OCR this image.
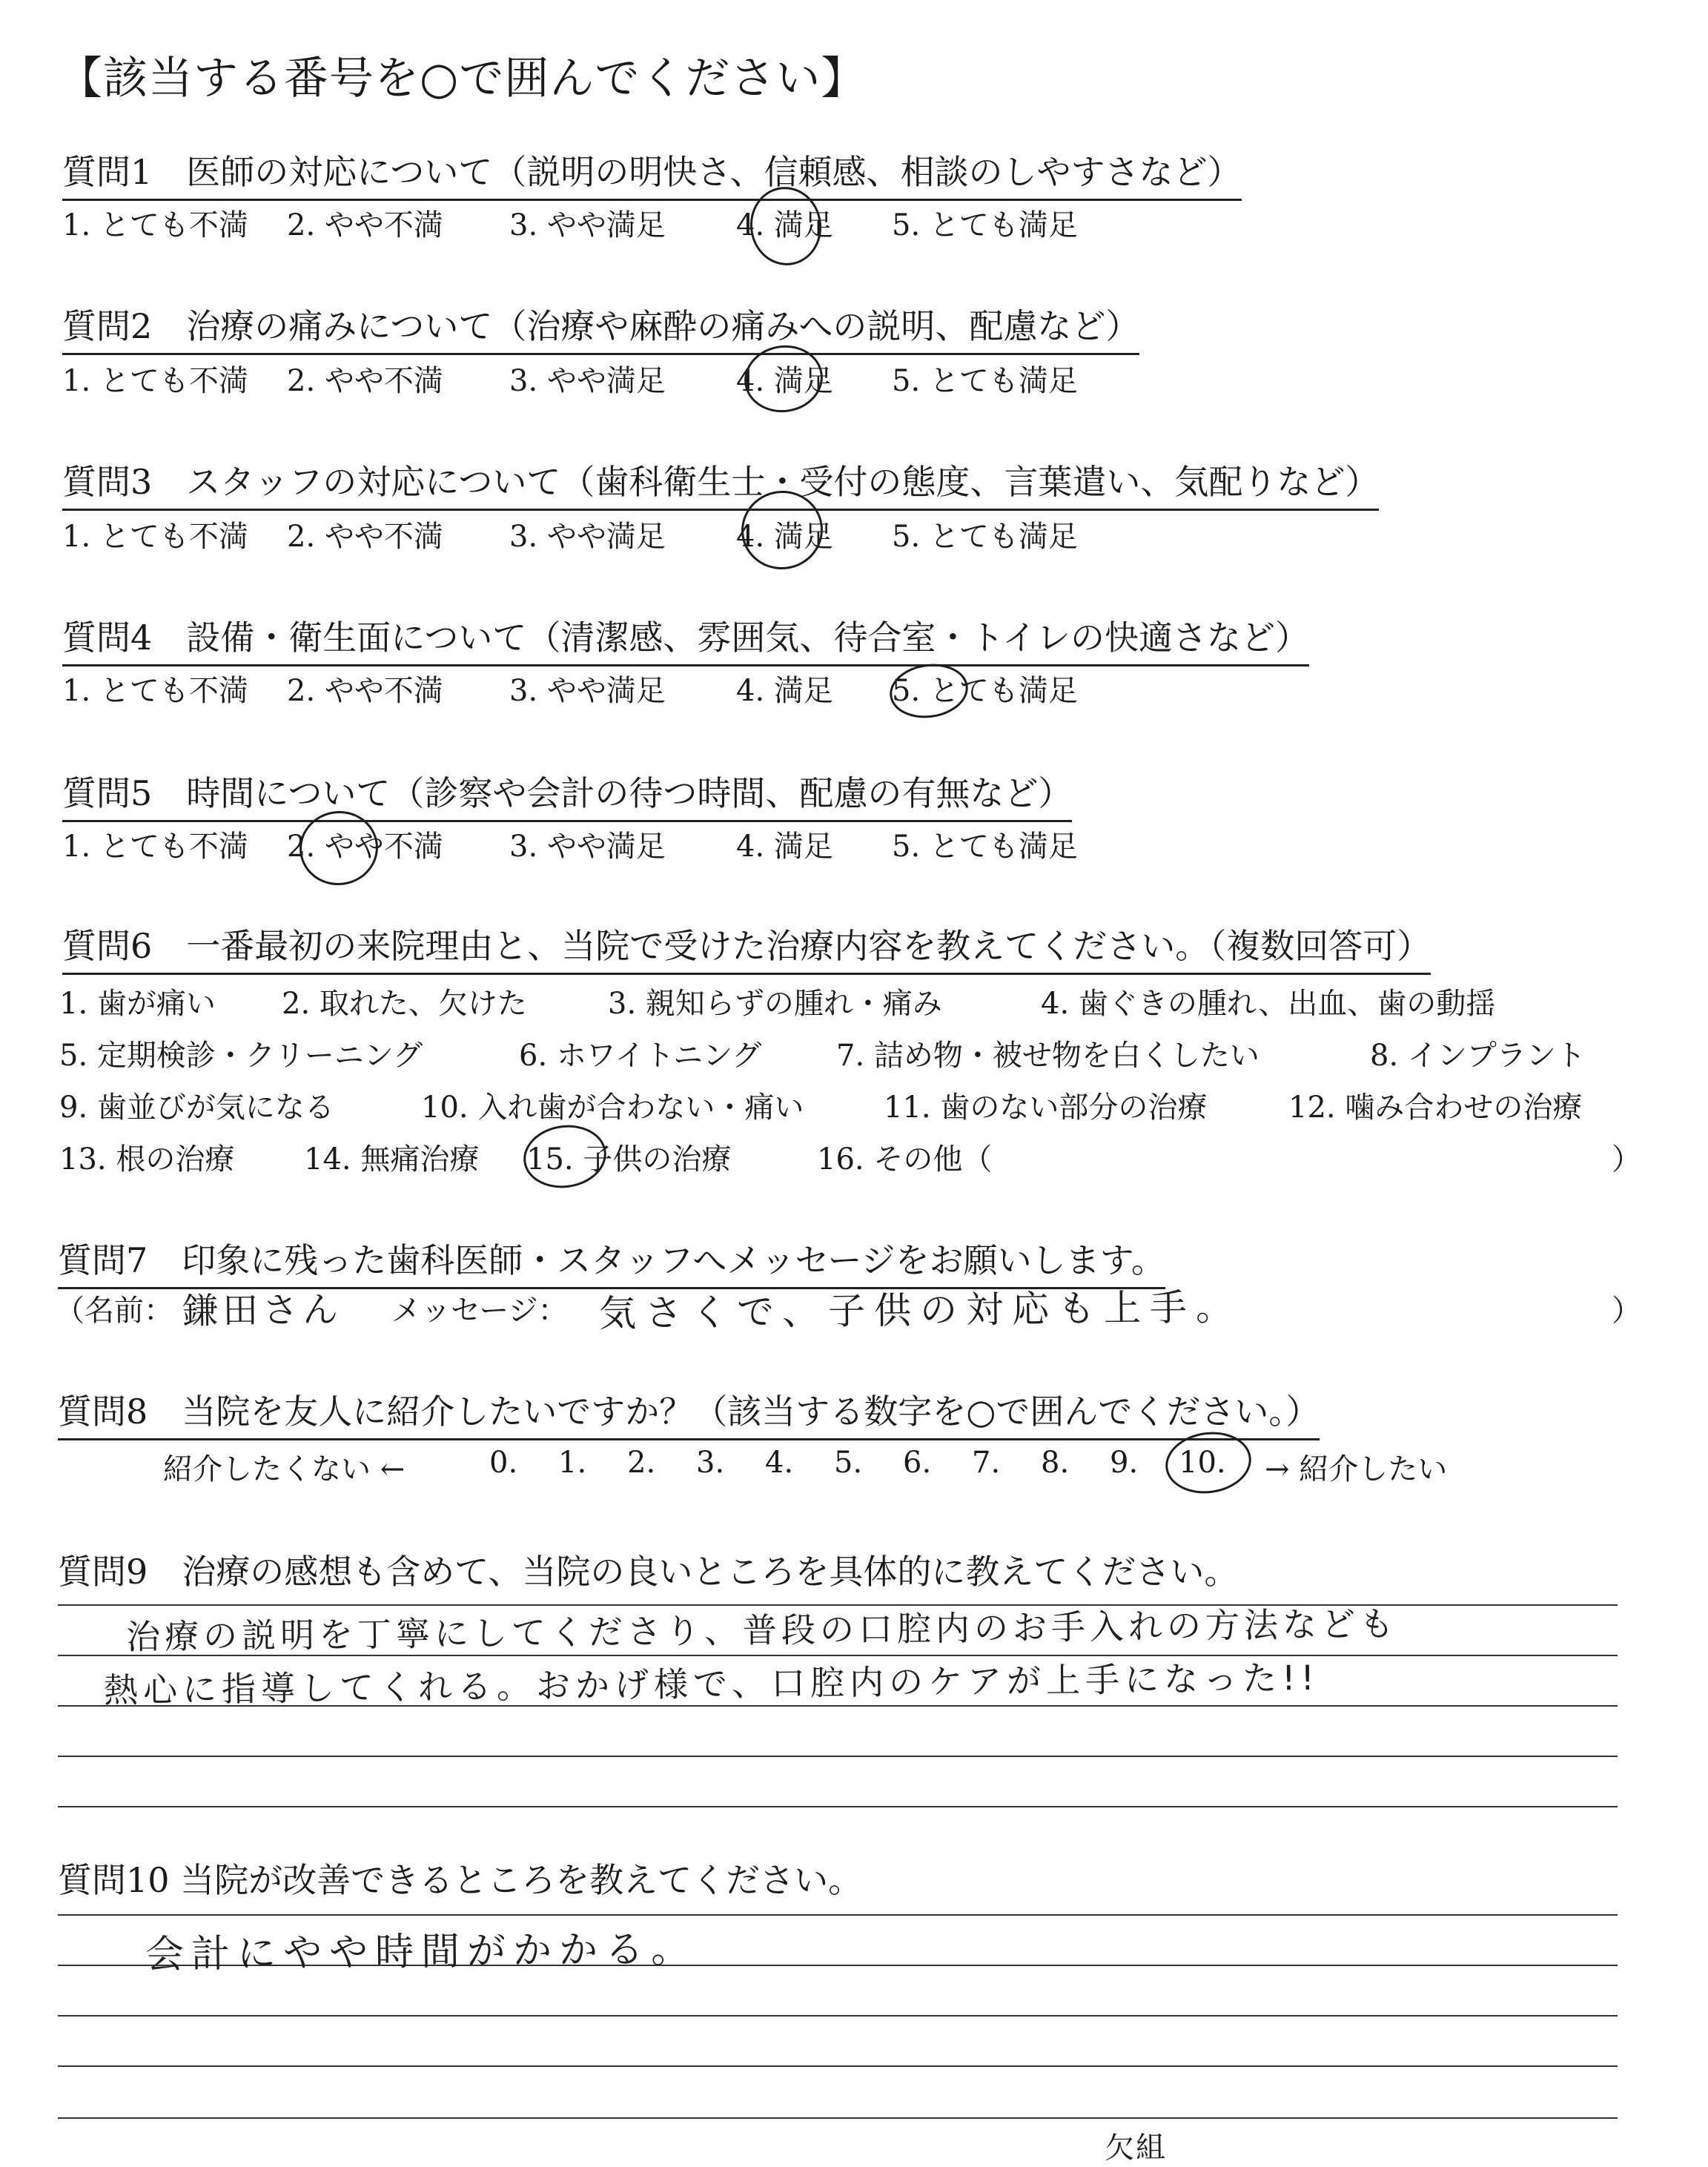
【該当する番号を○で囲んでください】
質問1　医師の対応について（説明の明快さ、信頼感、相談のしやすさなど）
1. とても不満 2. やや不満 3. やや満足 4. 満足 5. とても満足
質問2　治療の痛みについて（治療や麻酔の痛みへの説明、配慮など）
1. とても不満 2. やや不満 3. やや満足 4. 満足 5. とても満足
質問3　スタッフの対応について（歯科衛生士・受付の態度、言葉遣い、気配りなど）
1. とても不満 2. やや不満 3. やや満足 4. 満足 5. とても満足
質問4　設備・衛生面について（清潔感、雰囲気、待合室・トイレの快適さなど）
1. とても不満 2. やや不満 3. やや満足 4. 満足 5. とても満足
質問5　時間について（診察や会計の待つ時間、配慮の有無など）
1. とても不満 2. やや不満 3. やや満足 4. 満足 5. とても満足
質問6　一番最初の来院理由と、当院で受けた治療内容を教えてください。（複数回答可）
1. 歯が痛い 2. 取れた、欠けた	3. 親知らずの腫れ・痛み	4. 歯ぐきの腫れ、出血、歯の動揺
5. 定期検診・クリーニング	6. ホワイトニング	7. 詰め物・被せ物を白くしたい	8. インプラント
9. 歯並びが気になる	10. 入れ歯が合わない・痛い	11. 歯のない部分の治療	12. 噛み合わせの治療
13. 根の治療 14. 無痛治療 15. 子供の治療	16. その他（	）
質問7　印象に残った歯科医師・スタッフへメッセージをお願いします。
（名前： 鎌田さん メッセージ： 気さくで、子供の対応も上手。	）
質問8　当院を友人に紹介したいですか？（該当する数字を○で囲んでください。）
紹介したくない ←	0. 1. 2. 3. 4. 5. 6. 7. 8. 9. 10.	→ 紹介したい
質問9　治療の感想も含めて、当院の良いところを具体的に教えてください。
治療の説明を丁寧にしてくださり、普段の口腔内のお手入れの方法なども
熱心に指導してくれる。おかげ様で、口腔内のケアが上手になった!!
質問10 当院が改善できるところを教えてください。
会計にやや時間がかかる。
欠組
